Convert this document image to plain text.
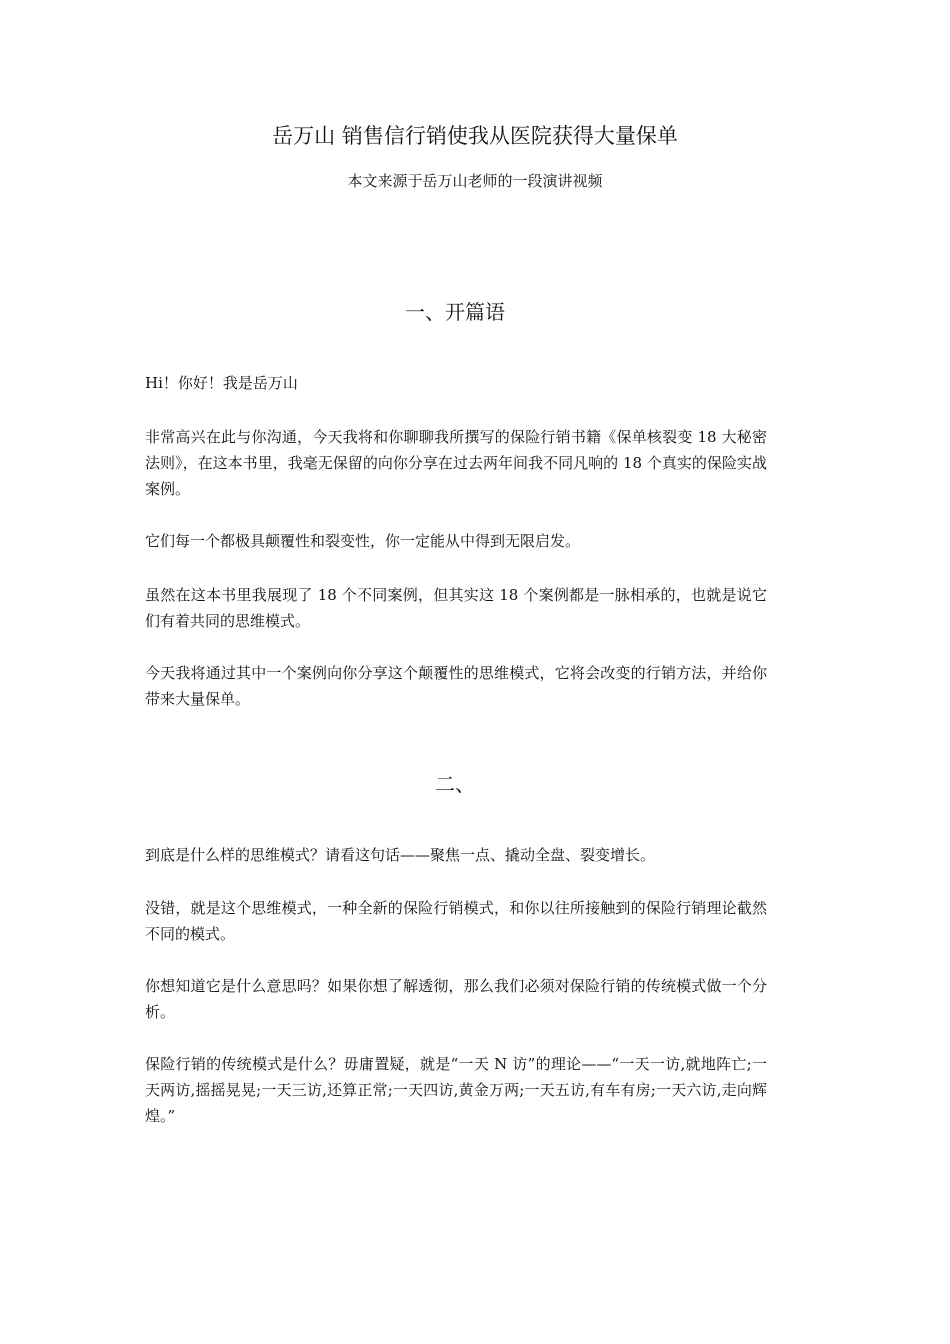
岳万山 销售信行销使我从医院获得大量保单
本文来源于岳万山老师的一段演讲视频
一、开篇语

Hi！你好！我是岳万山

非常高兴在此与你沟通，今天我将和你聊聊我所撰写的保险行销书籍《保单核裂变 18 大秘密法则》，在这本书里，我毫无保留的向你分享在过去两年间我不同凡响的 18 个真实的保险实战案例。

它们每一个都极具颠覆性和裂变性，你一定能从中得到无限启发。

虽然在这本书里我展现了 18 个不同案例，但其实这 18 个案例都是一脉相承的，也就是说它们有着共同的思维模式。

今天我将通过其中一个案例向你分享这个颠覆性的思维模式，它将会改变的行销方法，并给你带来大量保单。

二、

到底是什么样的思维模式？请看这句话——聚焦一点、撬动全盘、裂变增长。

没错，就是这个思维模式，一种全新的保险行销模式，和你以往所接触到的保险行销理论截然不同的模式。

你想知道它是什么意思吗？如果你想了解透彻，那么我们必须对保险行销的传统模式做一个分析。

保险行销的传统模式是什么？毋庸置疑，就是“一天 N 访”的理论——“一天一访,就地阵亡;一天两访,摇摇晃晃;一天三访,还算正常;一天四访,黄金万两;一天五访,有车有房;一天六访,走向辉煌。”
